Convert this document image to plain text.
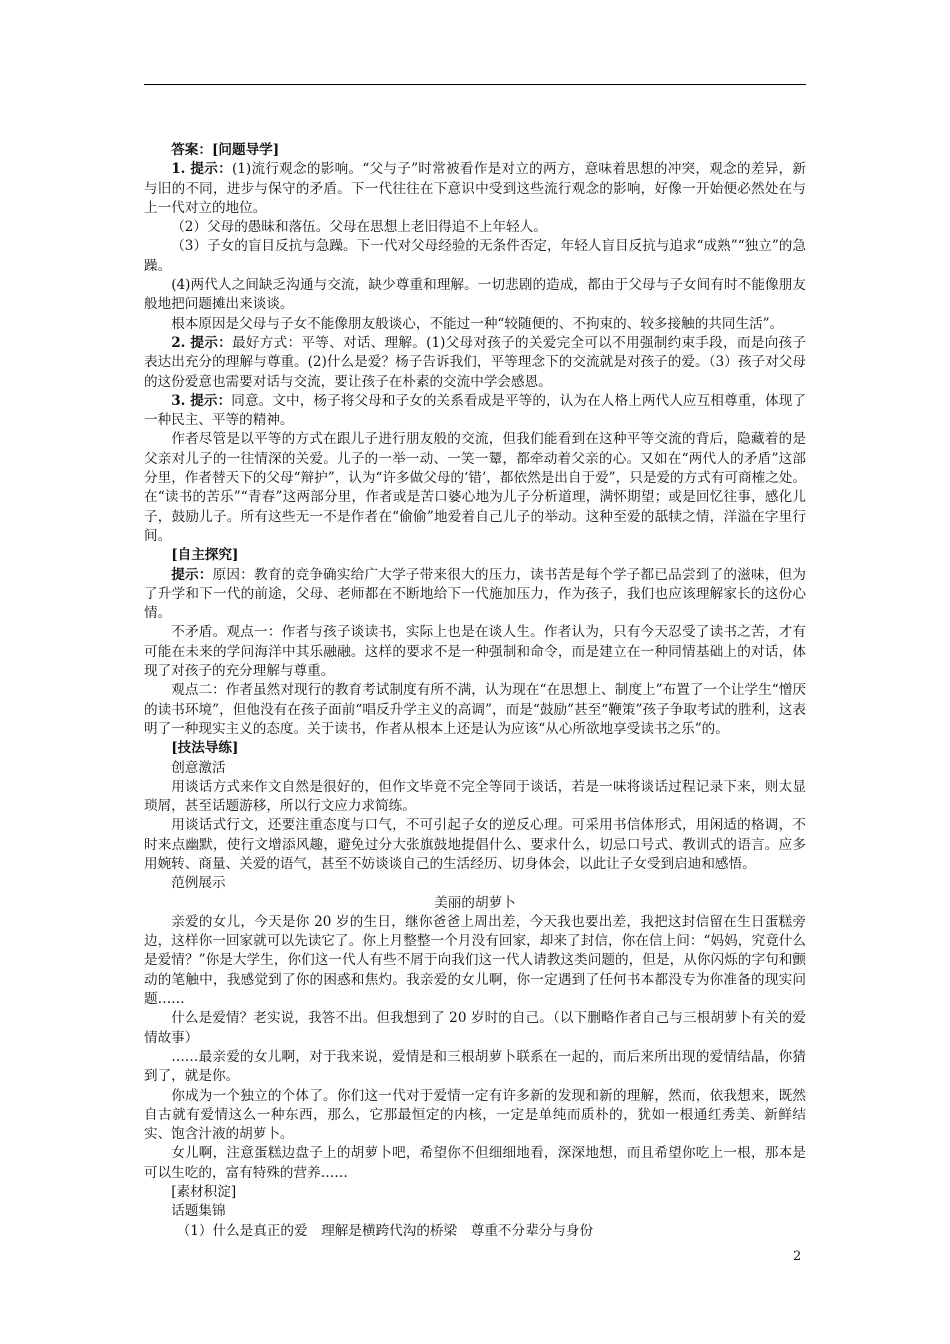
答案：[问题导学]

1. 提示：(1)流行观念的影响。“父与子”时常被看作是对立的两方，意味着思想的冲突，观念的差异，新与旧的不同，进步与保守的矛盾。下一代往往在下意识中受到这些流行观念的影响，好像一开始便必然处在与上一代对立的地位。

（2）父母的愚昧和落伍。父母在思想上老旧得追不上年轻人。

（3）子女的盲目反抗与急躁。下一代对父母经验的无条件否定，年轻人盲目反抗与追求“成熟”“独立”的急躁。

(4)两代人之间缺乏沟通与交流，缺少尊重和理解。一切悲剧的造成，都由于父母与子女间有时不能像朋友般地把问题摊出来谈谈。

根本原因是父母与子女不能像朋友般谈心，不能过一种“较随便的、不拘束的、较多接触的共同生活”。

2. 提示：最好方式：平等、对话、理解。(1)父母对孩子的关爱完全可以不用强制约束手段，而是向孩子表达出充分的理解与尊重。(2)什么是爱？杨子告诉我们，平等理念下的交流就是对孩子的爱。（3）孩子对父母的这份爱意也需要对话与交流，要让孩子在朴素的交流中学会感恩。

3. 提示：同意。文中，杨子将父母和子女的关系看成是平等的，认为在人格上两代人应互相尊重，体现了一种民主、平等的精神。

作者尽管是以平等的方式在跟儿子进行朋友般的交流，但我们能看到在这种平等交流的背后，隐藏着的是父亲对儿子的一往情深的关爱。儿子的一举一动、一笑一颦，都牵动着父亲的心。又如在“两代人的矛盾”这部分里，作者替天下的父母“辩护”，认为“许多做父母的‘错’，都依然是出自于爱”，只是爱的方式有可商榷之处。在“读书的苦乐”“青春”这两部分里，作者或是苦口婆心地为儿子分析道理，满怀期望；或是回忆往事，感化儿子，鼓励儿子。所有这些无一不是作者在“偷偷”地爱着自己儿子的举动。这种至爱的舐犊之情，洋溢在字里行间。

[自主探究]

提示：原因：教育的竞争确实给广大学子带来很大的压力，读书苦是每个学子都已品尝到了的滋味，但为了升学和下一代的前途，父母、老师都在不断地给下一代施加压力，作为孩子，我们也应该理解家长的这份心情。

不矛盾。观点一：作者与孩子谈读书，实际上也是在谈人生。作者认为，只有今天忍受了读书之苦，才有可能在未来的学问海洋中其乐融融。这样的要求不是一种强制和命令，而是建立在一种同情基础上的对话，体现了对孩子的充分理解与尊重。

观点二：作者虽然对现行的教育考试制度有所不满，认为现在“在思想上、制度上”布置了一个让学生“憎厌的读书环境”，但他没有在孩子面前“唱反升学主义的高调”，而是“鼓励”甚至“鞭策”孩子争取考试的胜利，这表明了一种现实主义的态度。关于读书，作者从根本上还是认为应该“从心所欲地享受读书之乐”的。

[技法导练]

创意激活

用谈话方式来作文自然是很好的，但作文毕竟不完全等同于谈话，若是一味将谈话过程记录下来，则太显琐屑，甚至话题游移，所以行文应力求简练。

用谈话式行文，还要注重态度与口气，不可引起子女的逆反心理。可采用书信体形式，用闲适的格调，不时来点幽默，使行文增添风趣，避免过分大张旗鼓地提倡什么、要求什么，切忌口号式、教训式的语言。应多用婉转、商量、关爱的语气，甚至不妨谈谈自己的生活经历、切身体会，以此让子女受到启迪和感悟。

范例展示

美丽的胡萝卜

亲爱的女儿，今天是你 20 岁的生日，继你爸爸上周出差，今天我也要出差，我把这封信留在生日蛋糕旁边，这样你一回家就可以先读它了。你上月整整一个月没有回家，却来了封信，你在信上问：“妈妈，究竟什么是爱情？”你是大学生，你们这一代人有些不屑于向我们这一代人请教这类问题的，但是，从你闪烁的字句和颤动的笔触中，我感觉到了你的困惑和焦灼。我亲爱的女儿啊，你一定遇到了任何书本都没专为你准备的现实问题……

什么是爱情？老实说，我答不出。但我想到了 20 岁时的自己。（以下删略作者自己与三根胡萝卜有关的爱情故事）

……最亲爱的女儿啊，对于我来说，爱情是和三根胡萝卜联系在一起的，而后来所出现的爱情结晶，你猜到了，就是你。

你成为一个独立的个体了。你们这一代对于爱情一定有许多新的发现和新的理解，然而，依我想来，既然自古就有爱情这么一种东西，那么，它那最恒定的内核，一定是单纯而质朴的，犹如一根通红秀美、新鲜结实、饱含汁液的胡萝卜。

女儿啊，注意蛋糕边盘子上的胡萝卜吧，希望你不但细细地看，深深地想，而且希望你吃上一根，那本是可以生吃的，富有特殊的营养……

[素材积淀]

话题集锦

（1）什么是真正的爱　理解是横跨代沟的桥梁　尊重不分辈分与身份

2
